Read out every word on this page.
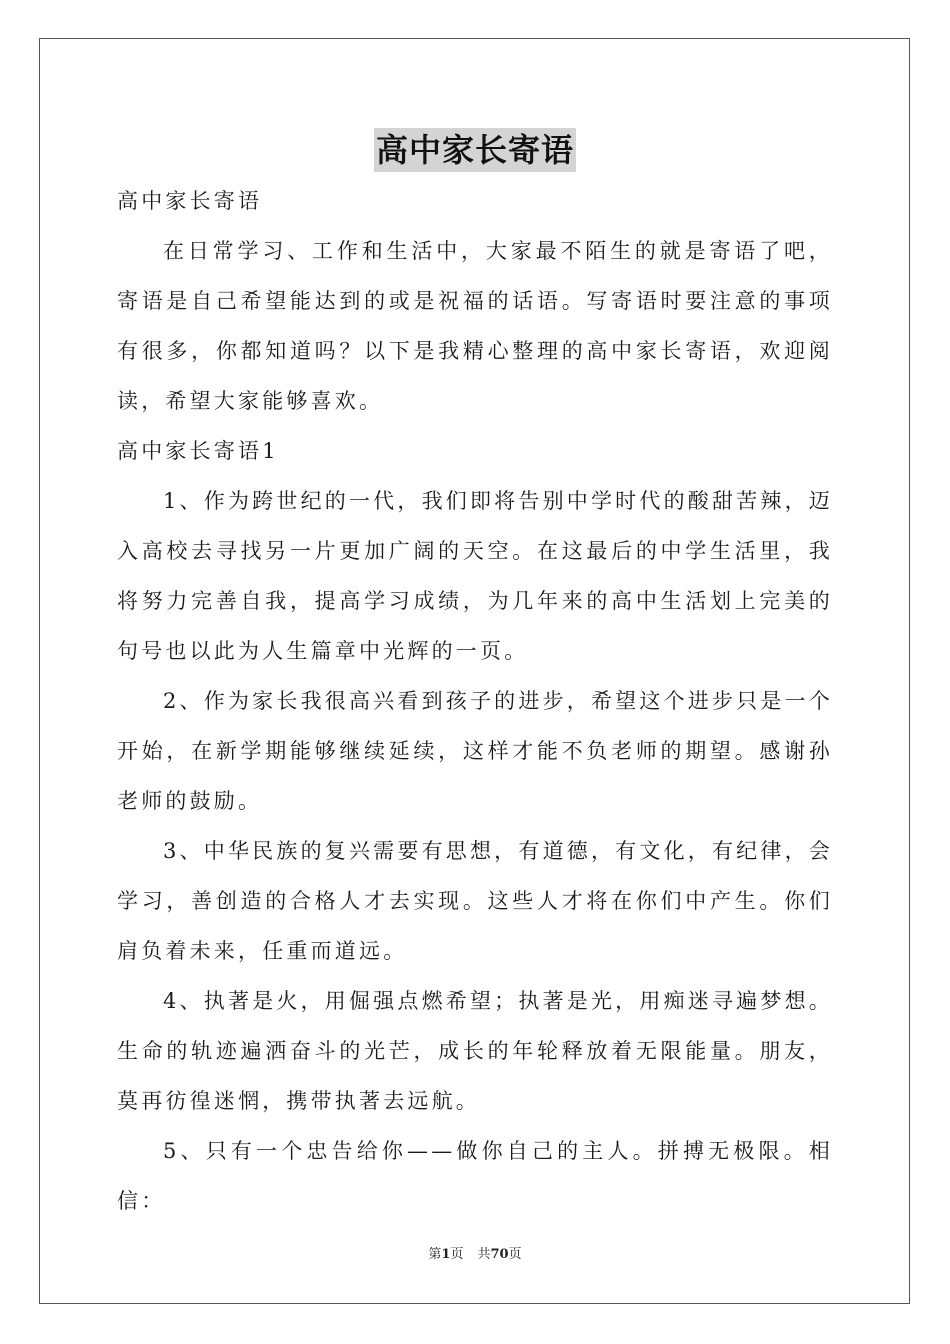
高中家长寄语

高中家长寄语

在日常学习、工作和生活中，大家最不陌生的就是寄语了吧，寄语是自己希望能达到的或是祝福的话语。写寄语时要注意的事项有很多，你都知道吗？以下是我精心整理的高中家长寄语，欢迎阅读，希望大家能够喜欢。

高中家长寄语1

1、作为跨世纪的一代，我们即将告别中学时代的酸甜苦辣，迈入高校去寻找另一片更加广阔的天空。在这最后的中学生活里，我将努力完善自我，提高学习成绩，为几年来的高中生活划上完美的句号也以此为人生篇章中光辉的一页。

2、作为家长我很高兴看到孩子的进步，希望这个进步只是一个开始，在新学期能够继续延续，这样才能不负老师的期望。感谢孙老师的鼓励。

3、中华民族的复兴需要有思想，有道德，有文化，有纪律，会学习，善创造的合格人才去实现。这些人才将在你们中产生。你们肩负着未来，任重而道远。

4、执著是火，用倔强点燃希望；执著是光，用痴迷寻遍梦想。生命的轨迹遍洒奋斗的光芒，成长的年轮释放着无限能量。朋友，莫再彷徨迷惘，携带执著去远航。

5、只有一个忠告给你——做你自己的主人。拼搏无极限。相信：

第1页 共70页
